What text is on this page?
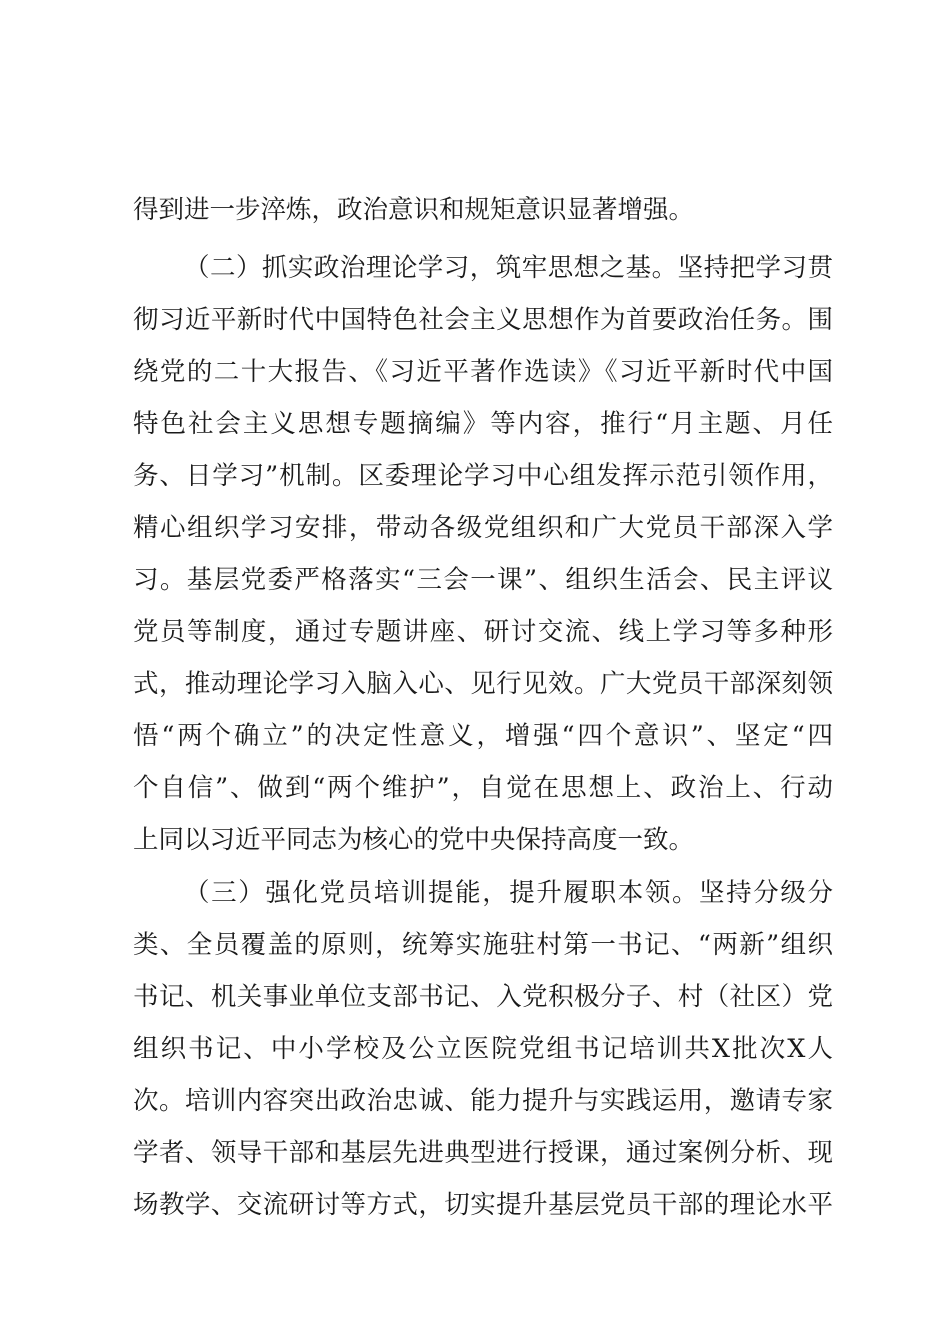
得到进一步淬炼，政治意识和规矩意识显著增强。
（二）抓实政治理论学习，筑牢思想之基。坚持把学习贯
彻习近平新时代中国特色社会主义思想作为首要政治任务。围
绕党的二十大报告、《习近平著作选读》《习近平新时代中国
特色社会主义思想专题摘编》等内容，推行“月主题、月任
务、日学习”机制。区委理论学习中心组发挥示范引领作用，
精心组织学习安排，带动各级党组织和广大党员干部深入学
习。基层党委严格落实“三会一课”、组织生活会、民主评议
党员等制度，通过专题讲座、研讨交流、线上学习等多种形
式，推动理论学习入脑入心、见行见效。广大党员干部深刻领
悟“两个确立”的决定性意义，增强“四个意识”、坚定“四
个自信”、做到“两个维护”，自觉在思想上、政治上、行动
上同以习近平同志为核心的党中央保持高度一致。
（三）强化党员培训提能，提升履职本领。坚持分级分
类、全员覆盖的原则，统筹实施驻村第一书记、“两新”组织
书记、机关事业单位支部书记、入党积极分子、村（社区）党
组织书记、中小学校及公立医院党组书记培训共X批次X人
次。培训内容突出政治忠诚、能力提升与实践运用，邀请专家
学者、领导干部和基层先进典型进行授课，通过案例分析、现
场教学、交流研讨等方式，切实提升基层党员干部的理论水平
